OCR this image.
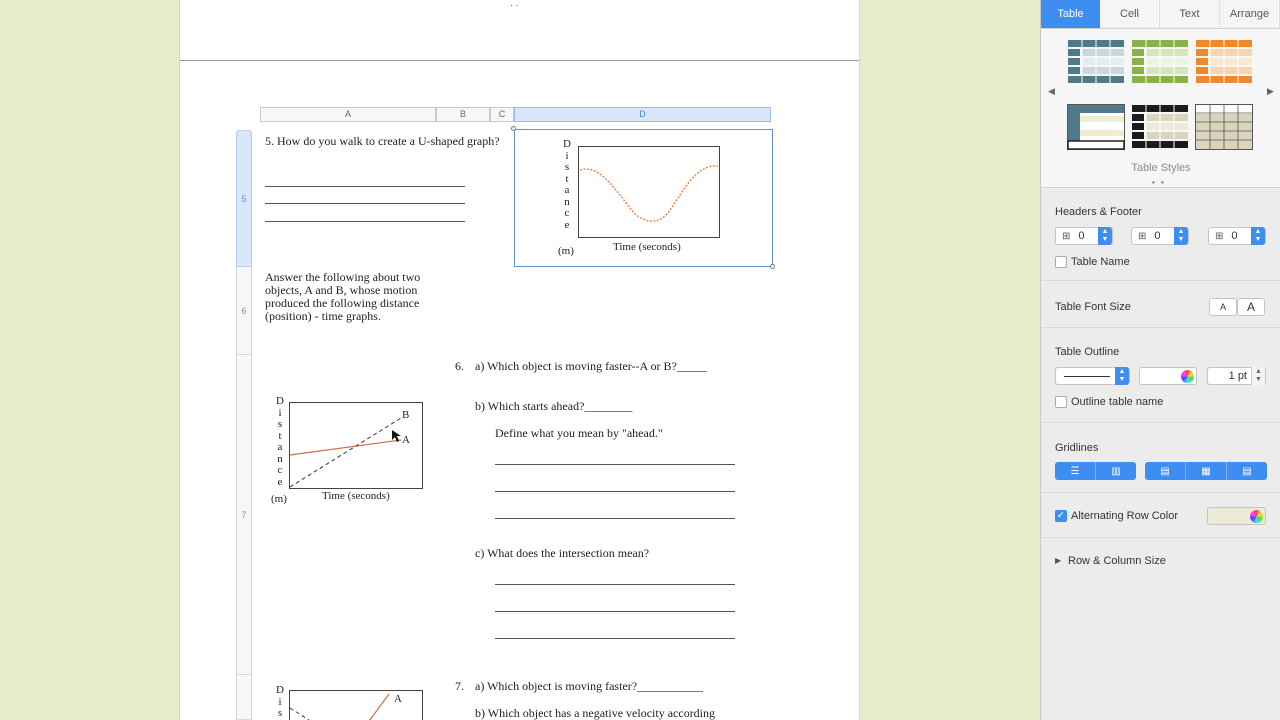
· ·
A	B	C	D
5
6
7
5. How do you walk to create a U-shaped graph?	D
i
s
t
a
n
c
e
(m)	Time (seconds)
Answer the following about two objects, A and B, whose motion produced the following distance (position) - time graphs.
6. a) Which object is moving faster--A or B?_____
b) Which starts ahead?________
Define what you mean by "ahead."
c) What does the intersection mean?
D
i
s
t
a
n
c
e
(m)
B
A
Time (seconds)
7. a) Which object is moving faster?___________
b) Which object has a negative velocity according
D
i
s
A
Table	Cell	Text	Arrange
◀	▶
Table Styles
• •
Headers & Footer
⊞ 0	▲
▼	⊞ 0	▲
▼	⊞ 0	▲
▼
Table Name
Table Font Size	A	A
Table Outline
▲
▼	1 pt	▲
▼
Outline table name
Gridlines
☰	▥	▤	▦	▤
✓ Alternating Row Color
▶ Row & Column Size
